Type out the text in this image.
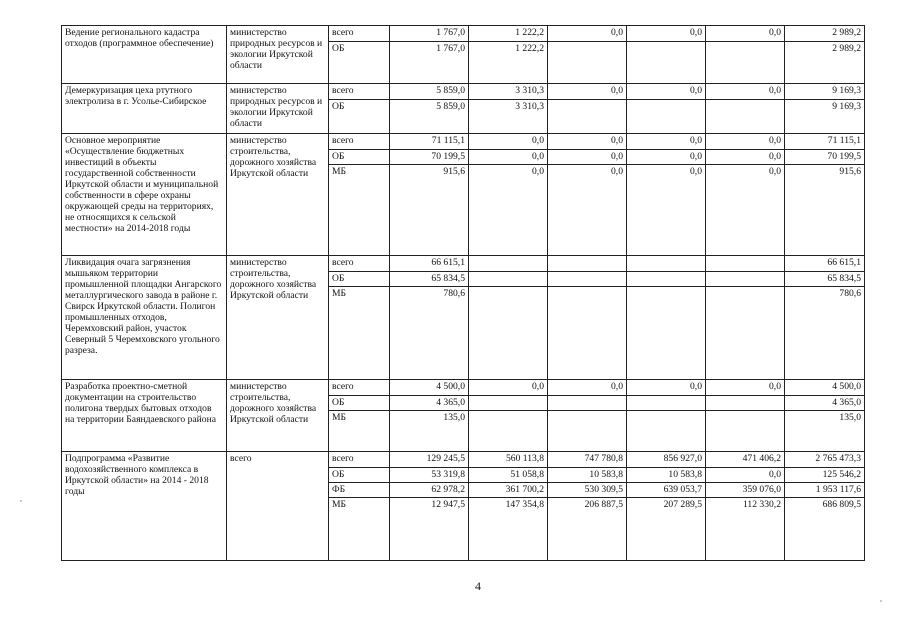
Ведение регионального кадастра отходов (программное обеспечение)	министерство природных ресурсов и экологии Иркутской области	всего	1 767,0	1 222,2	0,0	0,0	0,0	2 989,2
		ОБ	1 767,0	1 222,2				2 989,2
Демеркуризация цеха ртутного электролиза в г. Усолье-Сибирское	министерство природных ресурсов и экологии Иркутской области	всего	5 859,0	3 310,3	0,0	0,0	0,0	9 169,3
		ОБ	5 859,0	3 310,3				9 169,3
Основное мероприятие «Осуществление бюджетных инвестиций в объекты государственной собственности Иркутской области и муниципальной собственности в сфере охраны окружающей среды на территориях, не относящихся к сельской местности» на 2014-2018 годы	министерство строительства, дорожного хозяйства Иркутской области	всего	71 115,1	0,0	0,0	0,0	0,0	71 115,1
		ОБ	70 199,5	0,0	0,0	0,0	0,0	70 199,5
		МБ	915,6	0,0	0,0	0,0	0,0	915,6
Ликвидация очага загрязнения мышьяком территории промышленной площадки Ангарского металлургического завода в районе г. Свирск Иркутской области. Полигон промышленных отходов, Черемховский район, участок Северный 5 Черемховского угольного разреза.	министерство строительства, дорожного хозяйства Иркутской области	всего	66 615,1					66 615,1
		ОБ	65 834,5					65 834,5
		МБ	780,6					780,6
Разработка проектно-сметной документации на строительство полигона твердых бытовых отходов на территории Баяндаевского района	министерство строительства, дорожного хозяйства Иркутской области	всего	4 500,0	0,0	0,0	0,0	0,0	4 500,0
		ОБ	4 365,0					4 365,0
		МБ	135,0					135,0
Подпрограмма «Развитие водохозяйственного комплекса в Иркутской области» на 2014 - 2018 годы	всего	всего	129 245,5	560 113,8	747 780,8	856 927,0	471 406,2	2 765 473,3
		ОБ	53 319,8	51 058,8	10 583,8	10 583,8	0,0	125 546,2
		ФБ	62 978,2	361 700,2	530 309,5	639 053,7	359 076,0	1 953 117,6
		МБ	12 947,5	147 354,8	206 887,5	207 289,5	112 330,2	686 809,5
4
